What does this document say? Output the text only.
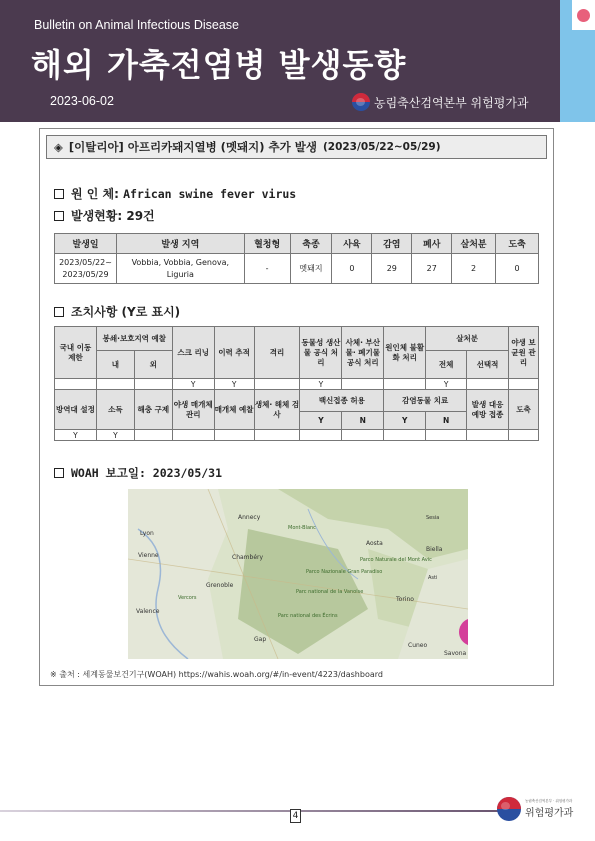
Bulletin on Animal Infectious Disease
해외 가축전염병 발생동향
2023-06-02	농림축산검역본부 위험평가과
◈ [이탈리아] 아프리카돼지열병 (멧돼지) 추가 발생 (2023/05/22~05/29)
원 인 체:
African swine fever virus
발생현황:
29건
발생일	발생 지역	혈청형	축종	사육	감염	폐사	살처분	도축
2023/05/22~ 2023/05/29	Vobbia, Vobbia, Genova, Liguria	-	멧돼지	0	29	27	2	0
조치사항 (Y로 표시)
국내 이동 제한	봉쇄·보호지역 예찰		스크 리닝	이력 추적	격리	동물성 생산물 공식 처리	사체· 부산물· 폐기물 공식 처리	원인체 불활화 처리	살처분		야생 보균원 관리
	내	외							전체	선택적	
			Y	Y		Y			Y		
방역대 설정	소독	해충 구제	야생 매개체 관리	매개체 예찰	생체· 해체 검사	백신접종 허용		감염동물 치료		발생 대응 예방 접종	도축
						Y	N	Y	N		
Y	Y										
WOAH 보고일: 2023/05/31
Annecy
Lyon
Vienne
Grenoble
Chambéry
Valence
Gap
Aosta
Biella
Torino
Cuneo
Savona
Parco Nazionale Gran Paradiso
Parc national des Écrins
Parco Naturale del Mont Avic
Parc national de la Vanoise
Mont-Blanc
Vercors
Sesia
Asti
※ 출처 : 세계동물보건기구(WOAH) https://wahis.woah.org/#/in-event/4223/dashboard
4
농림축산검역본부 · 위험평가과
위험평가과
